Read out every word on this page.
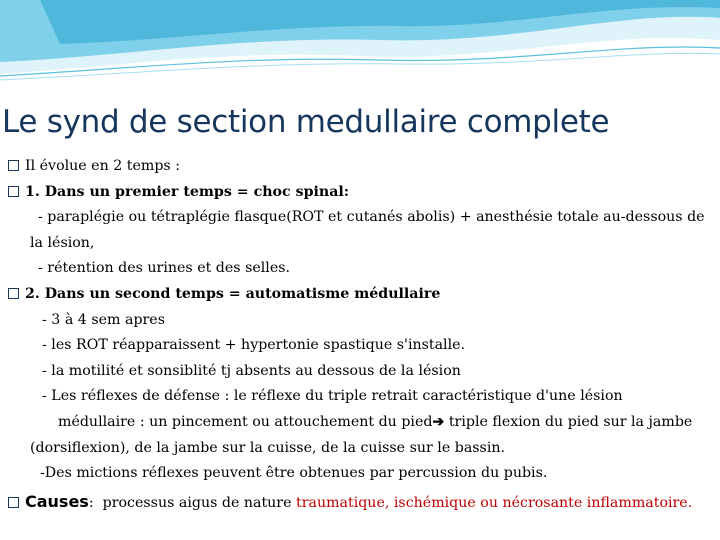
Le synd de section medullaire complete

Il évolue en 2 temps :

1. Dans un premier temps = choc spinal:

- paraplégie ou tétraplégie flasque(ROT et cutanés abolis) + anesthésie totale au-dessous de la lésion,

- rétention des urines et des selles.

2. Dans un second temps = automatisme médullaire

- 3 à 4 sem apres

- les ROT réapparaissent + hypertonie spastique s'installe.

- la motilité et sonsiblité tj absents au dessous de la lésion

- Les réflexes de défense : le réflexe du triple retrait caractéristique d'une lésion

médullaire : un pincement ou attouchement du pied➔ triple flexion du pied sur la jambe (dorsiflexion), de la jambe sur la cuisse, de la cuisse sur le bassin.

-Des mictions réflexes peuvent être obtenues par percussion du pubis.

Causes:  processus aigus de nature traumatique, ischémique ou nécrosante inflammatoire.
